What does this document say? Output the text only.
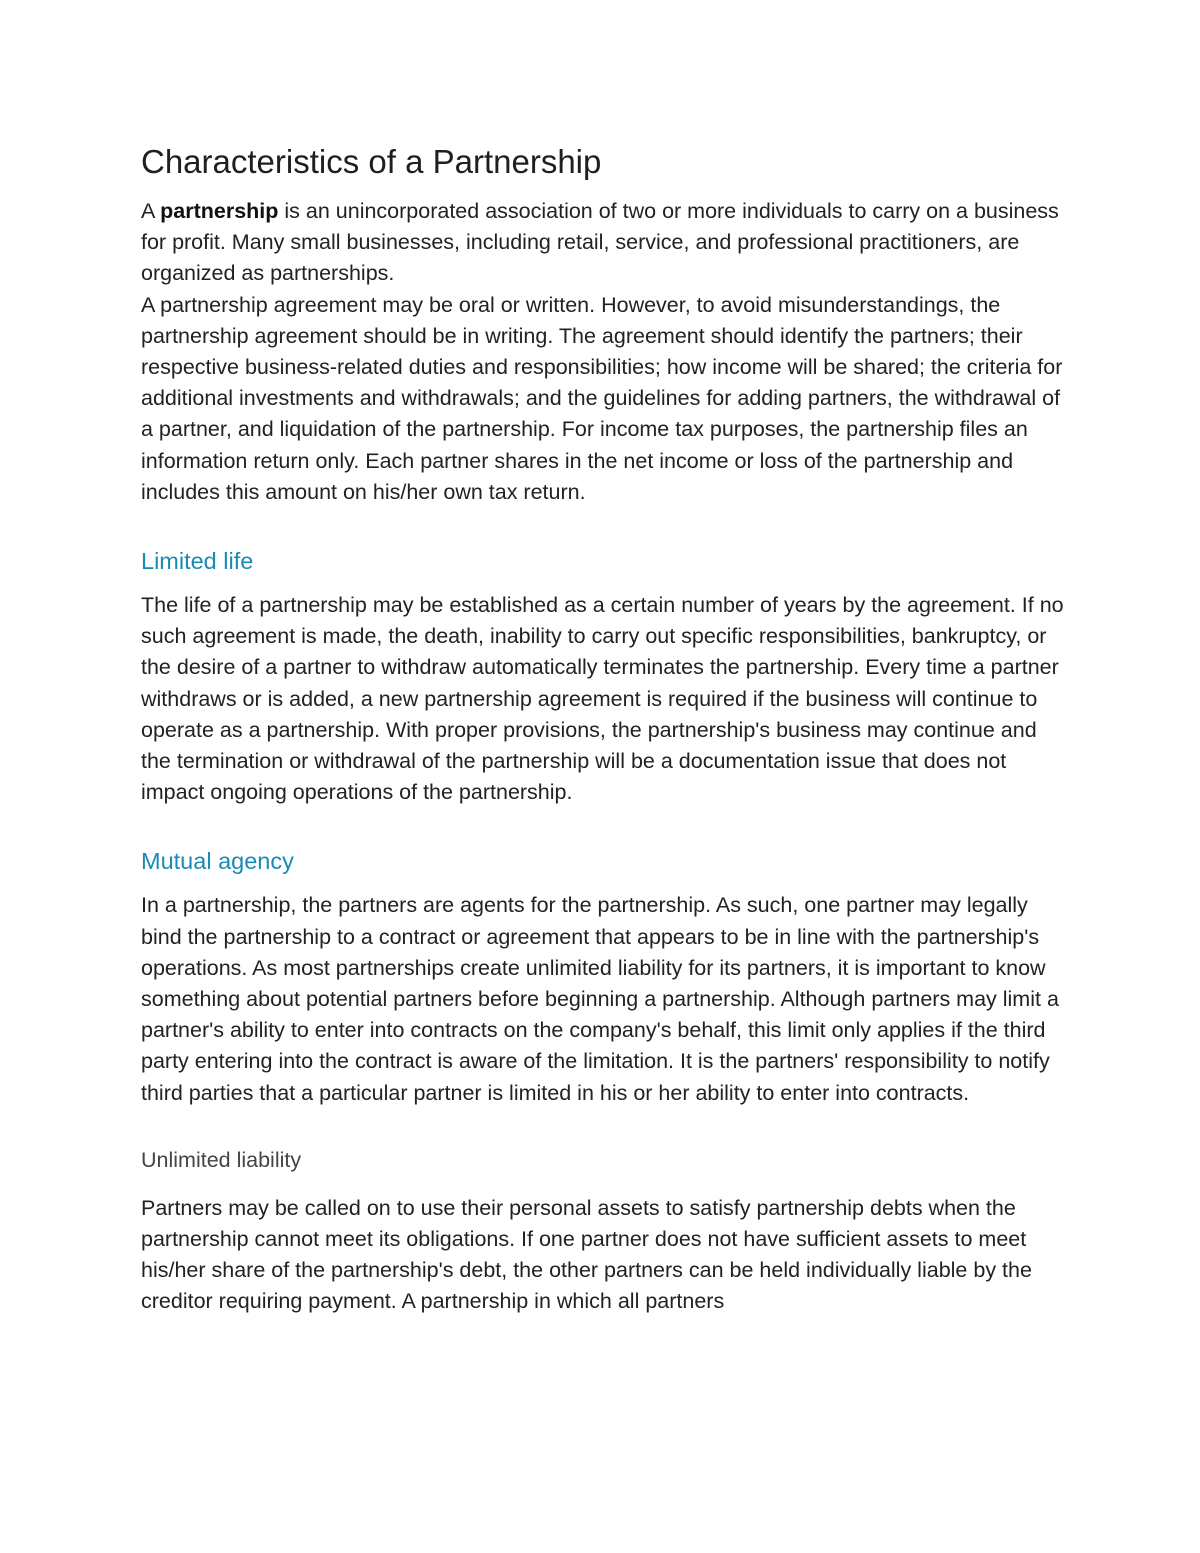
Characteristics of a Partnership

A partnership is an unincorporated association of two or more individuals to carry on a business for profit. Many small businesses, including retail, service, and professional practitioners, are organized as partnerships.

A partnership agreement may be oral or written. However, to avoid misunderstandings, the partnership agreement should be in writing. The agreement should identify the partners; their respective business-related duties and responsibilities; how income will be shared; the criteria for additional investments and withdrawals; and the guidelines for adding partners, the withdrawal of a partner, and liquidation of the partnership. For income tax purposes, the partnership files an information return only. Each partner shares in the net income or loss of the partnership and includes this amount on his/her own tax return.

Limited life

The life of a partnership may be established as a certain number of years by the agreement. If no such agreement is made, the death, inability to carry out specific responsibilities, bankruptcy, or the desire of a partner to withdraw automatically terminates the partnership. Every time a partner withdraws or is added, a new partnership agreement is required if the business will continue to operate as a partnership. With proper provisions, the partnership's business may continue and the termination or withdrawal of the partnership will be a documentation issue that does not impact ongoing operations of the partnership.

Mutual agency

In a partnership, the partners are agents for the partnership. As such, one partner may legally bind the partnership to a contract or agreement that appears to be in line with the partnership's operations. As most partnerships create unlimited liability for its partners, it is important to know something about potential partners before beginning a partnership. Although partners may limit a partner's ability to enter into contracts on the company's behalf, this limit only applies if the third party entering into the contract is aware of the limitation. It is the partners' responsibility to notify third parties that a particular partner is limited in his or her ability to enter into contracts.

Unlimited liability

Partners may be called on to use their personal assets to satisfy partnership debts when the partnership cannot meet its obligations. If one partner does not have sufficient assets to meet his/her share of the partnership's debt, the other partners can be held individually liable by the creditor requiring payment. A partnership in which all partners
